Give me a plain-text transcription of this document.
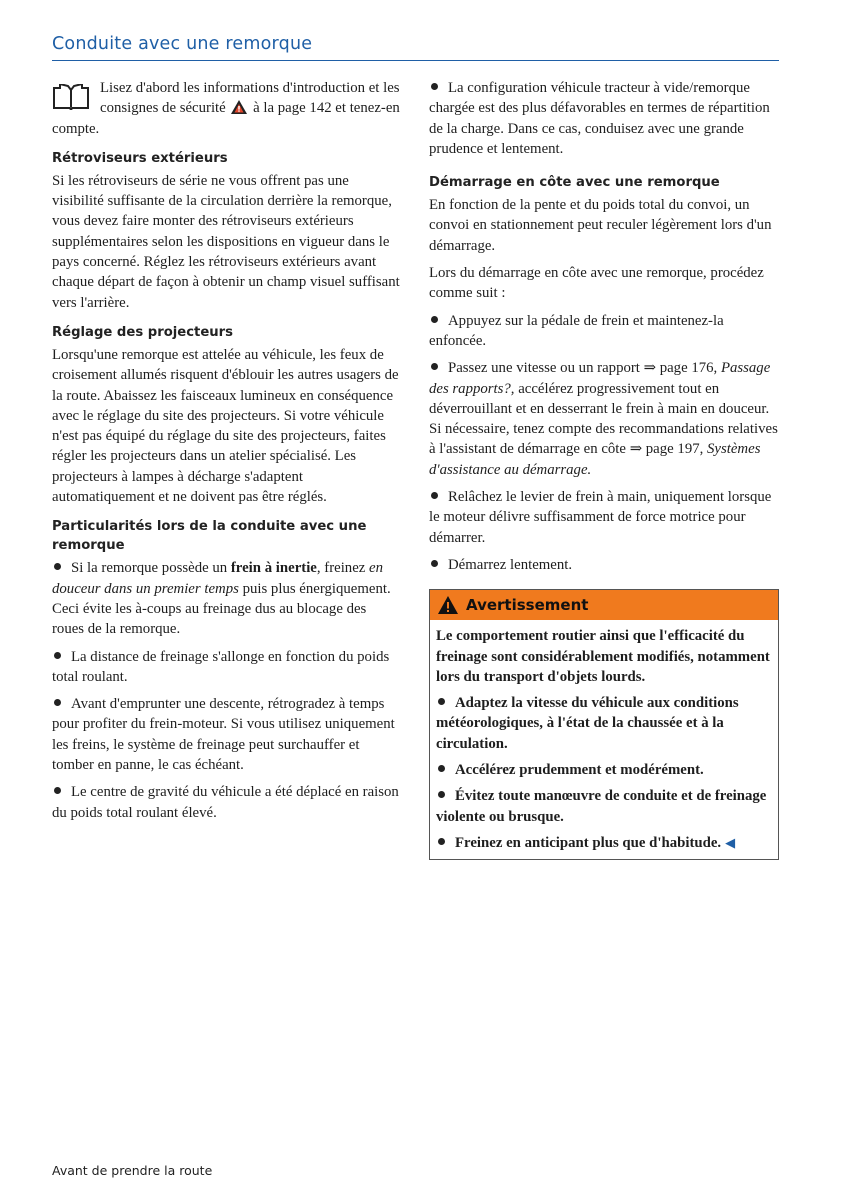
Conduite avec une remorque

Lisez d'abord les informations d'introduction et les consignes de sécurité à la page 142 et tenez-en compte.

Rétroviseurs extérieurs

Si les rétroviseurs de série ne vous offrent pas une visibilité suffisante de la circulation derrière la remorque, vous devez faire monter des rétroviseurs extérieurs supplémentaires selon les dispositions en vigueur dans le pays concerné. Réglez les rétroviseurs extérieurs avant chaque départ de façon à obtenir un champ visuel suffisant vers l'arrière.

Réglage des projecteurs

Lorsqu'une remorque est attelée au véhicule, les feux de croisement allumés risquent d'éblouir les autres usagers de la route. Abaissez les faisceaux lumineux en conséquence avec le réglage du site des projecteurs. Si votre véhicule n'est pas équipé du réglage du site des projecteurs, faites régler les projecteurs dans un atelier spécialisé. Les projecteurs à lampes à décharge s'adaptent automatiquement et ne doivent pas être réglés.

Particularités lors de la conduite avec une remorque

Si la remorque possède un frein à inertie, freinez en douceur dans un premier temps puis plus énergiquement. Ceci évite les à-coups au freinage dus au blocage des roues de la remorque.

La distance de freinage s'allonge en fonction du poids total roulant.

Avant d'emprunter une descente, rétrogradez à temps pour profiter du frein-moteur. Si vous utilisez uniquement les freins, le système de freinage peut surchauffer et tomber en panne, le cas échéant.

Le centre de gravité du véhicule a été déplacé en raison du poids total roulant élevé.

La configuration véhicule tracteur à vide/remorque chargée est des plus défavorables en termes de répartition de la charge. Dans ce cas, conduisez avec une grande prudence et lentement.

Démarrage en côte avec une remorque

En fonction de la pente et du poids total du convoi, un convoi en stationnement peut reculer légèrement lors d'un démarrage.

Lors du démarrage en côte avec une remorque, procédez comme suit :

Appuyez sur la pédale de frein et maintenez-la enfoncée.

Passez une vitesse ou un rapport ⇒ page 176, Passage des rapports?, accélérez progressivement tout en déverrouillant et en desserrant le frein à main en douceur. Si nécessaire, tenez compte des recommandations relatives à l'assistant de démarrage en côte ⇒ page 197, Systèmes d'assistance au démarrage.

Relâchez le levier de frein à main, uniquement lorsque le moteur délivre suffisamment de force motrice pour démarrer.

Démarrez lentement.

Avertissement

Le comportement routier ainsi que l'efficacité du freinage sont considérablement modifiés, notamment lors du transport d'objets lourds.

Adaptez la vitesse du véhicule aux conditions météorologiques, à l'état de la chaussée et à la circulation.

Accélérez prudemment et modérément.

Évitez toute manœuvre de conduite et de freinage violente ou brusque.

Freinez en anticipant plus que d'habitude. ◀

Avant de prendre la route
